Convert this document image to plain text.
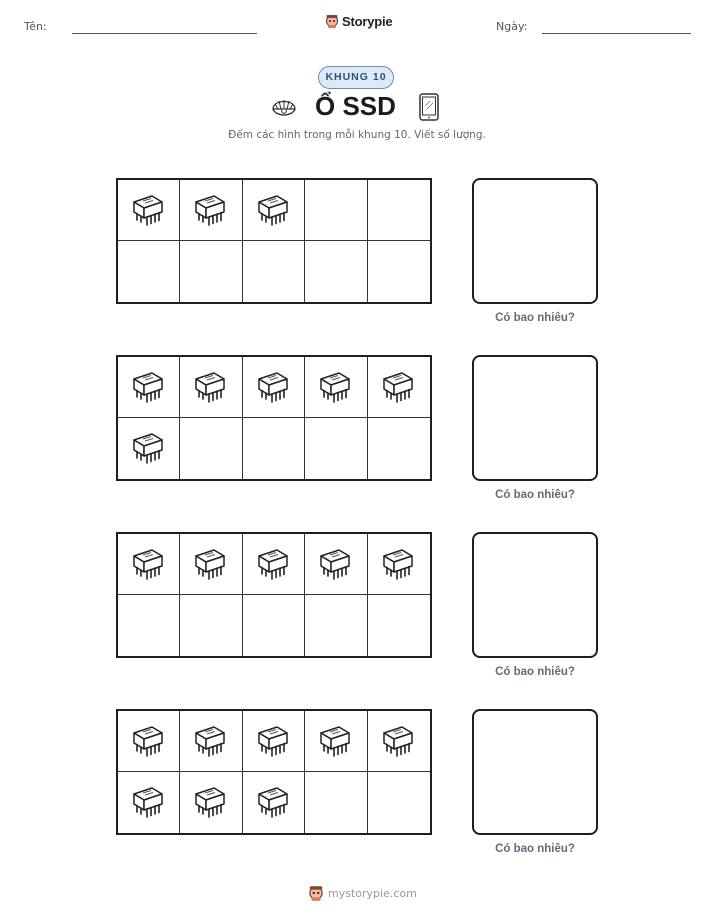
Tên:	Storypie	Ngày:
KHUNG 10
Ổ SSD
Đếm các hình trong mỗi khung 10. Viết số lượng.
Có bao nhiêu?
Có bao nhiêu?
Có bao nhiêu?
Có bao nhiêu?
mystorypie.com
